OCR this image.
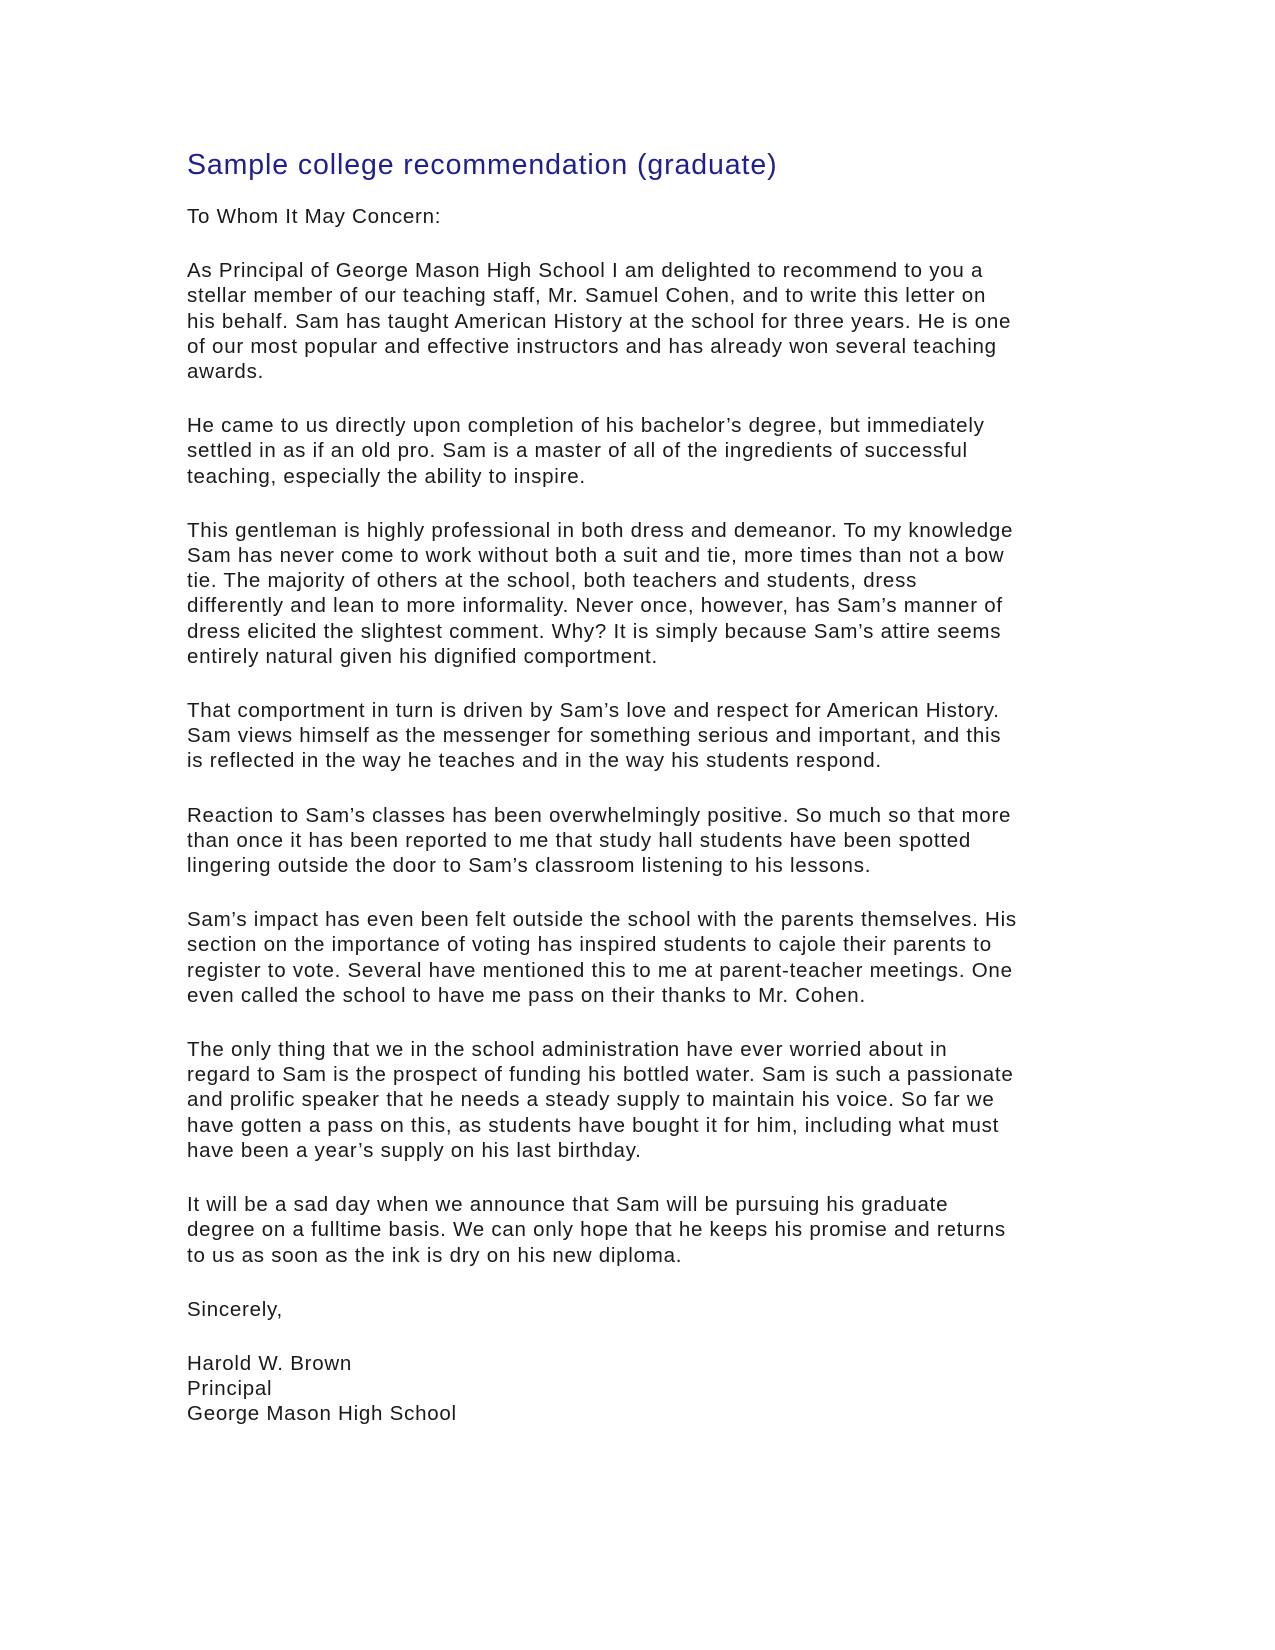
Sample college recommendation (graduate)

To Whom It May Concern:

As Principal of George Mason High School I am delighted to recommend to you a
stellar member of our teaching staff, Mr. Samuel Cohen, and to write this letter on
his behalf. Sam has taught American History at the school for three years. He is one
of our most popular and effective instructors and has already won several teaching
awards.

He came to us directly upon completion of his bachelor’s degree, but immediately
settled in as if an old pro. Sam is a master of all of the ingredients of successful
teaching, especially the ability to inspire.

This gentleman is highly professional in both dress and demeanor. To my knowledge
Sam has never come to work without both a suit and tie, more times than not a bow
tie. The majority of others at the school, both teachers and students, dress
differently and lean to more informality. Never once, however, has Sam’s manner of
dress elicited the slightest comment. Why? It is simply because Sam’s attire seems
entirely natural given his dignified comportment.

That comportment in turn is driven by Sam’s love and respect for American History.
Sam views himself as the messenger for something serious and important, and this
is reflected in the way he teaches and in the way his students respond.

Reaction to Sam’s classes has been overwhelmingly positive. So much so that more
than once it has been reported to me that study hall students have been spotted
lingering outside the door to Sam’s classroom listening to his lessons.

Sam’s impact has even been felt outside the school with the parents themselves. His
section on the importance of voting has inspired students to cajole their parents to
register to vote. Several have mentioned this to me at parent-teacher meetings. One
even called the school to have me pass on their thanks to Mr. Cohen.

The only thing that we in the school administration have ever worried about in
regard to Sam is the prospect of funding his bottled water. Sam is such a passionate
and prolific speaker that he needs a steady supply to maintain his voice. So far we
have gotten a pass on this, as students have bought it for him, including what must
have been a year’s supply on his last birthday.

It will be a sad day when we announce that Sam will be pursuing his graduate
degree on a fulltime basis. We can only hope that he keeps his promise and returns
to us as soon as the ink is dry on his new diploma.

Sincerely,

Harold W. Brown
Principal
George Mason High School
